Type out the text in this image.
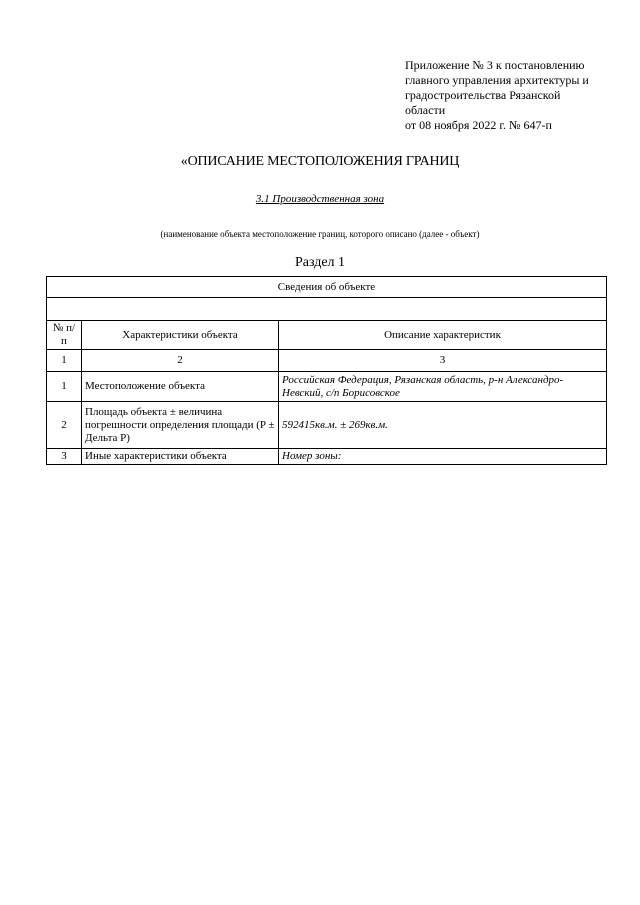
Приложение № 3 к постановлению
главного управления архитектуры и
градостроительства Рязанской
области
от 08 ноября 2022 г. № 647-п
«ОПИСАНИЕ МЕСТОПОЛОЖЕНИЯ ГРАНИЦ
3.1 Производственная зона
(наименование объекта местоположение границ, которого описано (далее - объект)
Раздел 1
Сведения об объекте		

№ п/п	Характеристики объекта	Описание характеристик
1	2	3
1	Местоположение объекта	Российская Федерация, Рязанская область, р-н Александро-Невский, с/п Борисовское
2	Площадь объекта ± величина погрешности определения площади (P ± Дельта P)	592415кв.м. ± 269кв.м.
3	Иные характеристики объекта	Номер зоны:
